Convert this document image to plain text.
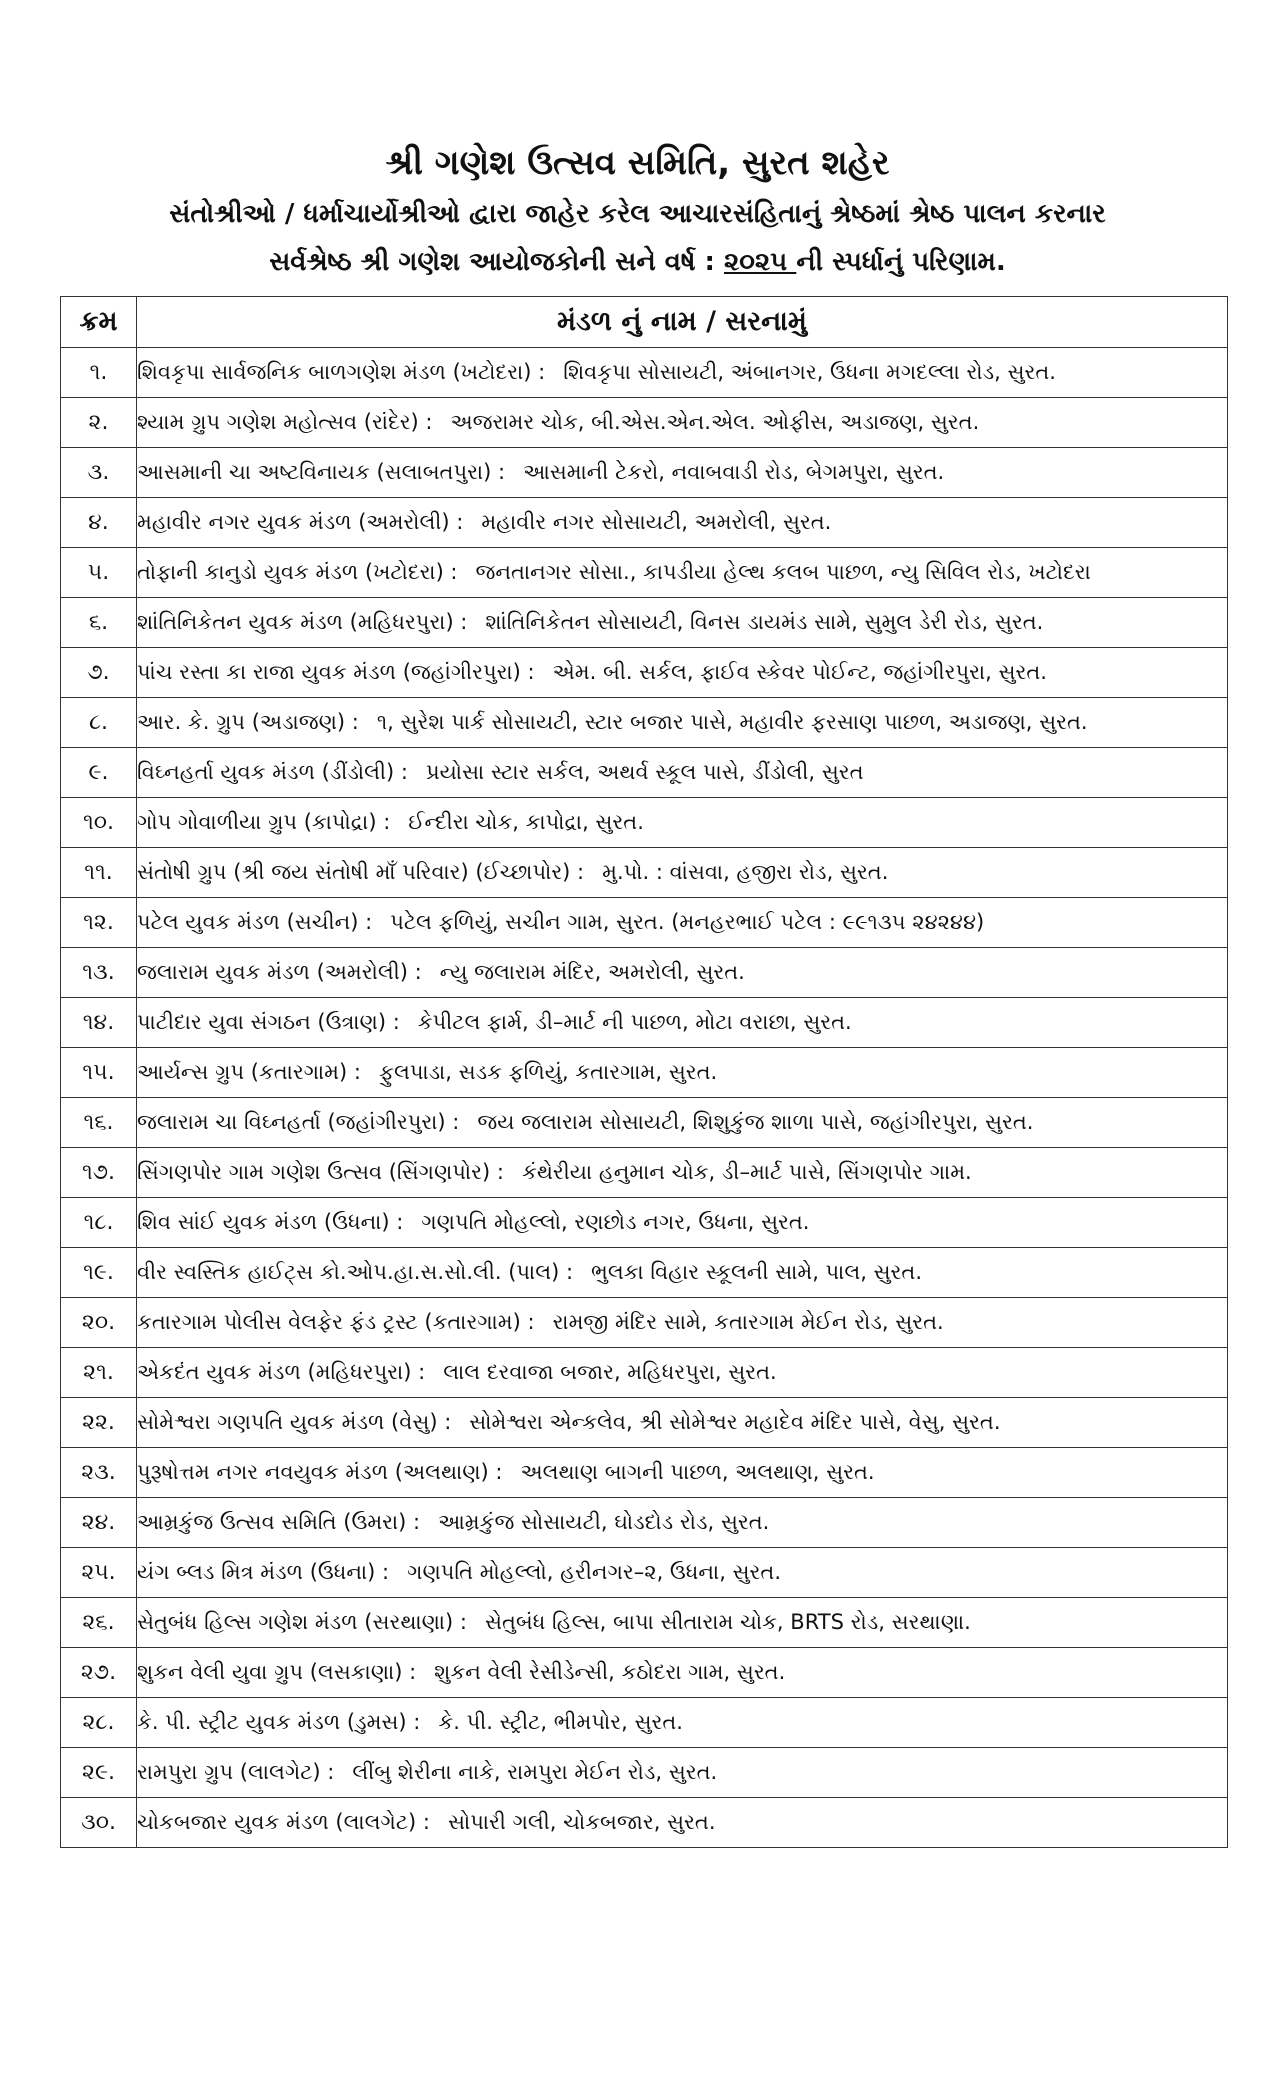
શ્રી ગણેશ ઉત્સવ સમિતિ, સુરત શહેર
સંતોશ્રીઓ / ધર્માચાર્યોશ્રીઓ દ્વારા જાહેર કરેલ આચારસંહિતાનું શ્રેષ્ઠમાં શ્રેષ્ઠ પાલન કરનાર
સર્વશ્રેષ્ઠ શ્રી ગણેશ આયોજકોની સને વર્ષ : ૨૦૨૫ ની સ્પર્ધાનું પરિણામ.
ક્રમ	મંડળ નું નામ / સરનામું
૧.	શિવકૃપા સાર્વજનિક બાળગણેશ મંડળ (ખટોદરા) : શિવકૃપા સોસાયટી, અંબાનગર, ઉધના મગદલ્લા રોડ, સુરત.
૨.	શ્યામ ગ્રુપ ગણેશ મહોત્સવ (રાંદેર) : અજરામર ચોક, બી.એસ.એન.એલ. ઓફીસ, અડાજણ, સુરત.
૩.	આસમાની ચા અષ્ટવિનાયક (સલાબતપુરા) : આસમાની ટેકરો, નવાબવાડી રોડ, બેગમપુરા, સુરત.
૪.	મહાવીર નગર યુવક મંડળ (અમરોલી) : મહાવીર નગર સોસાયટી, અમરોલી, સુરત.
૫.	તોફાની કાનુડો યુવક મંડળ (ખટોદરા) : જનતાનગર સોસા., કાપડીયા હેલ્થ કલબ પાછળ, ન્યુ સિવિલ રોડ, ખટોદરા
૬.	શાંતિનિકેતન યુવક મંડળ (મહિધરપુરા) : શાંતિનિકેતન સોસાયટી, વિનસ ડાયમંડ સામે, સુમુલ ડેરી રોડ, સુરત.
૭.	પાંચ રસ્તા કા રાજા યુવક મંડળ (જહાંગીરપુરા) : એમ. બી. સર્કલ, ફાઈવ સ્કેવર પોઈન્ટ, જહાંગીરપુરા, સુરત.
૮.	આર. કે. ગ્રુપ (અડાજણ) : ૧, સુરેશ પાર્ક સોસાયટી, સ્ટાર બજાર પાસે, મહાવીર ફરસાણ પાછળ, અડાજણ, સુરત.
૯.	વિઘ્નહર્તા યુવક મંડળ (ડીંડોલી) : પ્રયોસા સ્ટાર સર્કલ, અથર્વ સ્કૂલ પાસે, ડીંડોલી, સુરત
૧૦.	ગોપ ગોવાળીયા ગ્રુપ (કાપોદ્રા) : ઈન્દીરા ચોક, કાપોદ્રા, સુરત.
૧૧.	સંતોષી ગ્રુપ (શ્રી જય સંતોષી માઁ પરિવાર) (ઈચ્છાપોર) : મુ.પો. : વાંસવા, હજીરા રોડ, સુરત.
૧૨.	પટેલ યુવક મંડળ (સચીન) : પટેલ ફળિયું, સચીન ગામ, સુરત. (મનહરભાઈ પટેલ : ૯૯૧૩૫ ૨૪૨૪૪)
૧૩.	જલારામ યુવક મંડળ (અમરોલી) : ન્યુ જલારામ મંદિર, અમરોલી, સુરત.
૧૪.	પાટીદાર યુવા સંગઠન (ઉત્રાણ) : કેપીટલ ફાર્મ, ડી–માર્ટ ની પાછળ, મોટા વરાછા, સુરત.
૧૫.	આર્યન્સ ગ્રુપ (કતારગામ) : ફુલપાડા, સડક ફળિયું, કતારગામ, સુરત.
૧૬.	જલારામ ચા વિઘ્નહર્તા (જહાંગીરપુરા) : જય જલારામ સોસાયટી, શિશુકુંજ શાળા પાસે, જહાંગીરપુરા, સુરત.
૧૭.	સિંગણપોર ગામ ગણેશ ઉત્સવ (સિંગણપોર) : કંથેરીયા હનુમાન ચોક, ડી–માર્ટ પાસે, સિંગણપોર ગામ.
૧૮.	શિવ સાંઈ યુવક મંડળ (ઉધના) : ગણપતિ મોહલ્લો, રણછોડ નગર, ઉધના, સુરત.
૧૯.	વીર સ્વસ્તિક હાઈટ્સ કો.ઓપ.હા.સ.સો.લી. (પાલ) : ભુલકા વિહાર સ્કૂલની સામે, પાલ, સુરત.
૨૦.	કતારગામ પોલીસ વેલફેર ફંડ ટ્રસ્ટ (કતારગામ) : રામજી મંદિર સામે, કતારગામ મેઈન રોડ, સુરત.
૨૧.	એકદંત યુવક મંડળ (મહિધરપુરા) : લાલ દરવાજા બજાર, મહિધરપુરા, સુરત.
૨૨.	સોમેશ્વરા ગણપતિ યુવક મંડળ (વેસુ) : સોમેશ્વરા એન્કલેવ, શ્રી સોમેશ્વર મહાદેવ મંદિર પાસે, વેસુ, સુરત.
૨૩.	પુરૂષોત્તમ નગર નવયુવક મંડળ (અલથાણ) : અલથાણ બાગની પાછળ, અલથાણ, સુરત.
૨૪.	આમ્રકુંજ ઉત્સવ સમિતિ (ઉમરા) : આમ્રકુંજ સોસાયટી, ઘોડદોડ રોડ, સુરત.
૨૫.	યંગ બ્લડ મિત્ર મંડળ (ઉધના) : ગણપતિ મોહલ્લો, હરીનગર–૨, ઉધના, સુરત.
૨૬.	સેતુબંધ હિલ્સ ગણેશ મંડળ (સરથાણા) : સેતુબંધ હિલ્સ, બાપા સીતારામ ચોક, BRTS રોડ, સરથાણા.
૨૭.	શુકન વેલી યુવા ગ્રુપ (લસકાણા) : શુકન વેલી રેસીડેન્સી, કઠોદરા ગામ, સુરત.
૨૮.	કે. પી. સ્ટ્રીટ યુવક મંડળ (ડુમસ) : કે. પી. સ્ટ્રીટ, ભીમપોર, સુરત.
૨૯.	રામપુરા ગ્રુપ (લાલગેટ) : લીંબુ શેરીના નાકે, રામપુરા મેઈન રોડ, સુરત.
૩૦.	ચોકબજાર યુવક મંડળ (લાલગેટ) : સોપારી ગલી, ચોકબજાર, સુરત.
